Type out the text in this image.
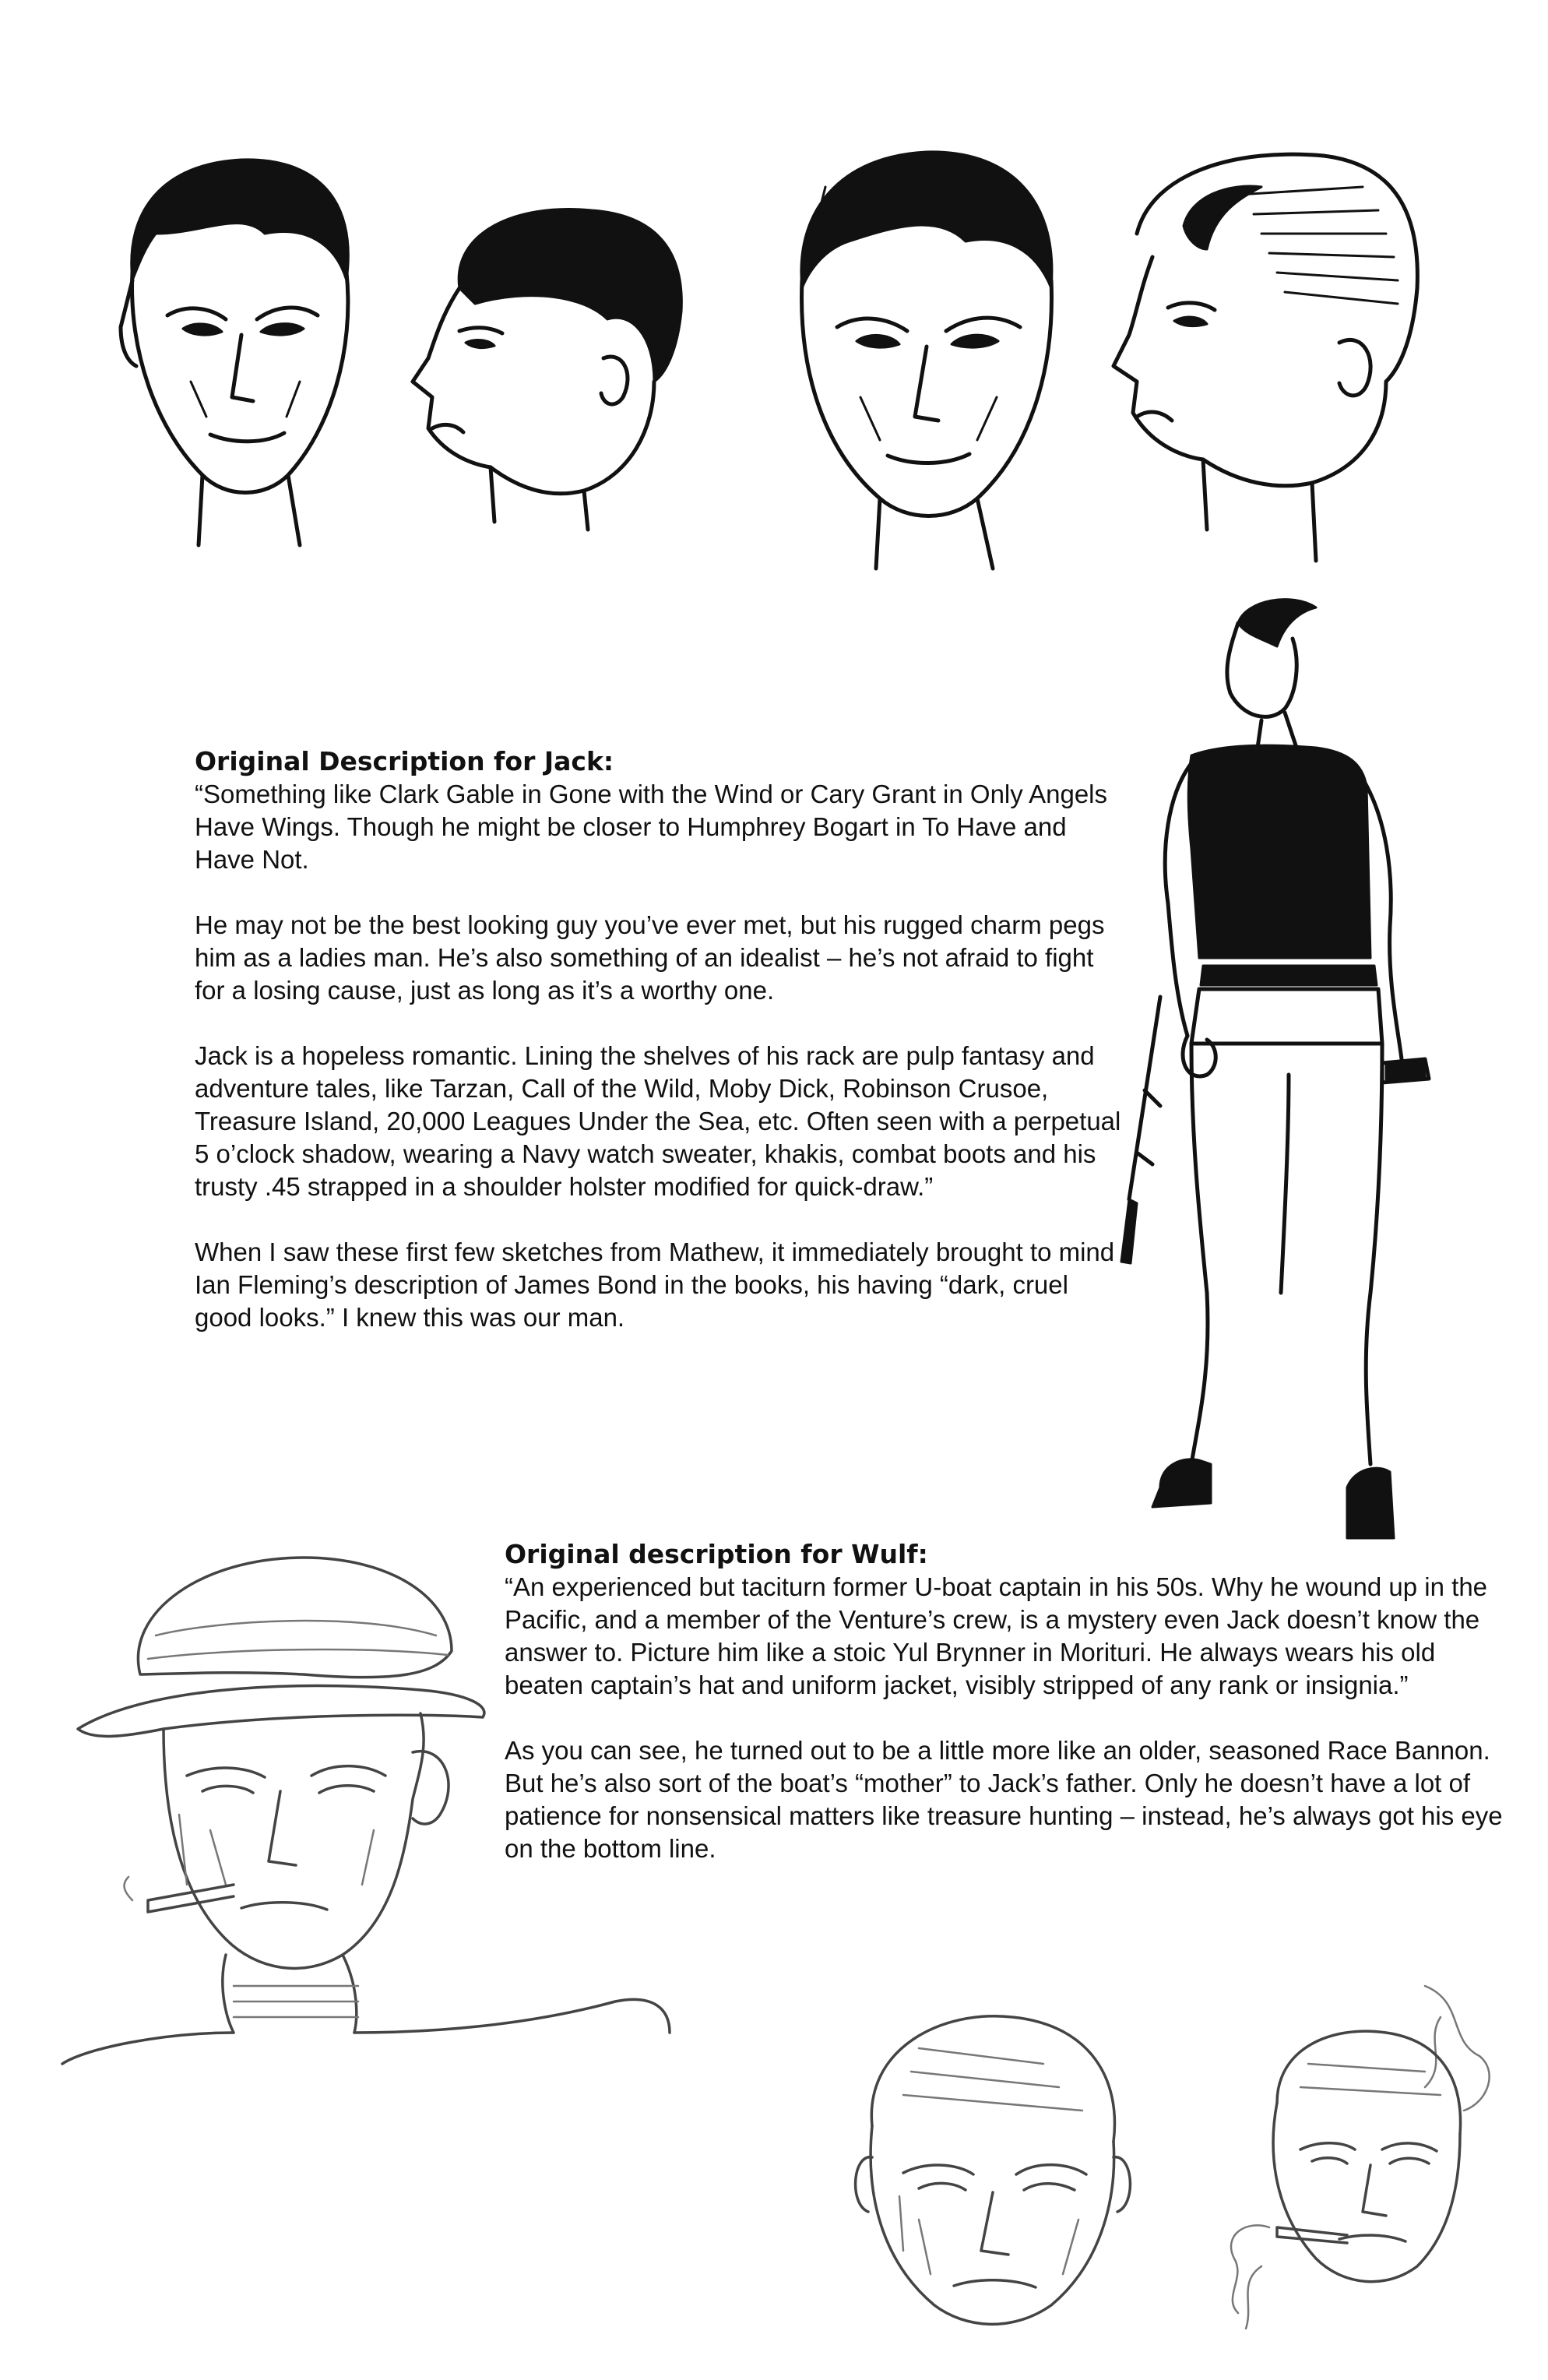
Original Description for Jack:

“Something like Clark Gable in Gone with the Wind or Cary Grant in Only Angels Have Wings. Though he might be closer to Humphrey Bogart in To Have and Have Not.

He may not be the best looking guy you’ve ever met, but his rugged charm pegs him as a ladies man. He’s also something of an idealist – he’s not afraid to fight for a losing cause, just as long as it’s a worthy one.

Jack is a hopeless romantic. Lining the shelves of his rack are pulp fantasy and adventure tales, like Tarzan, Call of the Wild, Moby Dick, Robinson Crusoe, Treasure Island, 20,000 Leagues Under the Sea, etc. Often seen with a perpetual 5 o’clock shadow, wearing a Navy watch sweater, khakis, combat boots and his trusty .45 strapped in a shoulder holster modified for quick-draw.”

When I saw these first few sketches from Mathew, it immediately brought to mind Ian Fleming’s description of James Bond in the books, his having “dark, cruel good looks.” I knew this was our man.

Original description for Wulf:

“An experienced but taciturn former U-boat captain in his 50s. Why he wound up in the Pacific, and a member of the Venture’s crew, is a mystery even Jack doesn’t know the answer to. Picture him like a stoic Yul Brynner in Morituri. He always wears his old beaten captain’s hat and uniform jacket, visibly stripped of any rank or insignia.”

As you can see, he turned out to be a little more like an older, seasoned Race Bannon. But he’s also sort of the boat’s “mother” to Jack’s father. Only he doesn’t have a lot of patience for nonsensical matters like treasure hunting – instead, he’s always got his eye on the bottom line.
